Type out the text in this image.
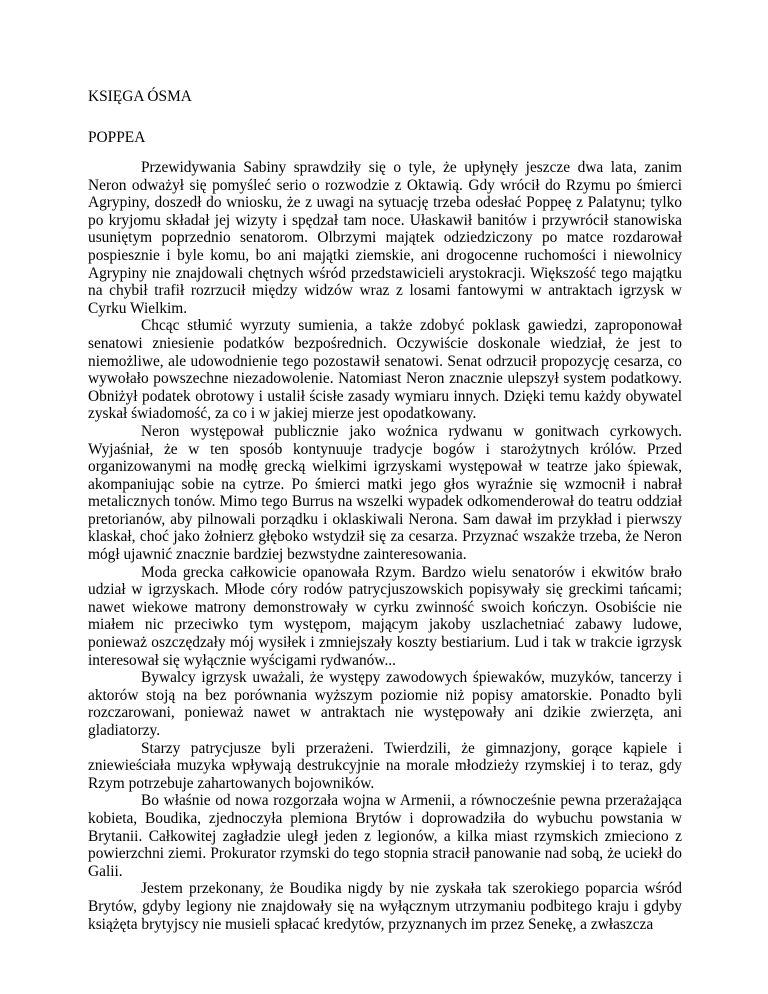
KSIĘGA ÓSMA
POPPEA

Przewidywania Sabiny sprawdziły się o tyle, że upłynęły jeszcze dwa lata, zanim Neron odważył się pomyśleć serio o rozwodzie z Oktawią. Gdy wrócił do Rzymu po śmierci Agrypiny, doszedł do wniosku, że z uwagi na sytuację trzeba odesłać Poppeę z Palatynu; tylko po kryjomu składał jej wizyty i spędzał tam noce. Ułaskawił banitów i przywrócił stanowiska usuniętym poprzednio senatorom. Olbrzymi majątek odziedziczony po matce rozdarował pospiesznie i byle komu, bo ani majątki ziemskie, ani drogocenne ruchomości i niewolnicy Agrypiny nie znajdowali chętnych wśród przedstawicieli arystokracji. Większość tego majątku na chybił trafił rozrzucił między widzów wraz z losami fantowymi w antraktach igrzysk w Cyrku Wielkim.

Chcąc stłumić wyrzuty sumienia, a także zdobyć poklask gawiedzi, zaproponował senatowi zniesienie podatków bezpośrednich. Oczywiście doskonale wiedział, że jest to niemożliwe, ale udowodnienie tego pozostawił senatowi. Senat odrzucił propozycję cesarza, co wywołało powszechne niezadowolenie. Natomiast Neron znacznie ulepszył system podatkowy. Obniżył podatek obrotowy i ustalił ścisłe zasady wymiaru innych. Dzięki temu każdy obywatel zyskał świadomość, za co i w jakiej mierze jest opodatkowany.

Neron występował publicznie jako woźnica rydwanu w gonitwach cyrkowych. Wyjaśniał, że w ten sposób kontynuuje tradycje bogów i starożytnych królów. Przed organizowanymi na modłę grecką wielkimi igrzyskami występował w teatrze jako śpiewak, akompaniując sobie na cytrze. Po śmierci matki jego głos wyraźnie się wzmocnił i nabrał metalicznych tonów. Mimo tego Burrus na wszelki wypadek odkomenderował do teatru oddział pretorianów, aby pilnowali porządku i oklaskiwali Nerona. Sam dawał im przykład i pierwszy klaskał, choć jako żołnierz głęboko wstydził się za cesarza. Przyznać wszakże trzeba, że Neron mógł ujawnić znacznie bardziej bezwstydne zainteresowania.

Moda grecka całkowicie opanowała Rzym. Bardzo wielu senatorów i ekwitów brało udział w igrzyskach. Młode córy rodów patrycjuszowskich popisywały się greckimi tańcami; nawet wiekowe matrony demonstrowały w cyrku zwinność swoich kończyn. Osobiście nie miałem nic przeciwko tym występom, mającym jakoby uszlachetniać zabawy ludowe, ponieważ oszczędzały mój wysiłek i zmniejszały koszty bestiarium. Lud i tak w trakcie igrzysk interesował się wyłącznie wyścigami rydwanów...

Bywalcy igrzysk uważali, że występy zawodowych śpiewaków, muzyków, tancerzy i aktorów stoją na bez porównania wyższym poziomie niż popisy amatorskie. Ponadto byli rozczarowani, ponieważ nawet w antraktach nie występowały ani dzikie zwierzęta, ani gladiatorzy.

Starzy patrycjusze byli przerażeni. Twierdzili, że gimnazjony, gorące kąpiele i zniewieściała muzyka wpływają destrukcyjnie na morale młodzieży rzymskiej i to teraz, gdy Rzym potrzebuje zahartowanych bojowników.

Bo właśnie od nowa rozgorzała wojna w Armenii, a równocześnie pewna przerażająca kobieta, Boudika, zjednoczyła plemiona Brytów i doprowadziła do wybuchu powstania w Brytanii. Całkowitej zagładzie uległ jeden z legionów, a kilka miast rzymskich zmieciono z powierzchni ziemi. Prokurator rzymski do tego stopnia stracił panowanie nad sobą, że uciekł do Galii.

Jestem przekonany, że Boudika nigdy by nie zyskała tak szerokiego poparcia wśród Brytów, gdyby legiony nie znajdowały się na wyłącznym utrzymaniu podbitego kraju i gdyby książęta brytyjscy nie musieli spłacać kredytów, przyznanych im przez Senekę, a zwłaszcza
